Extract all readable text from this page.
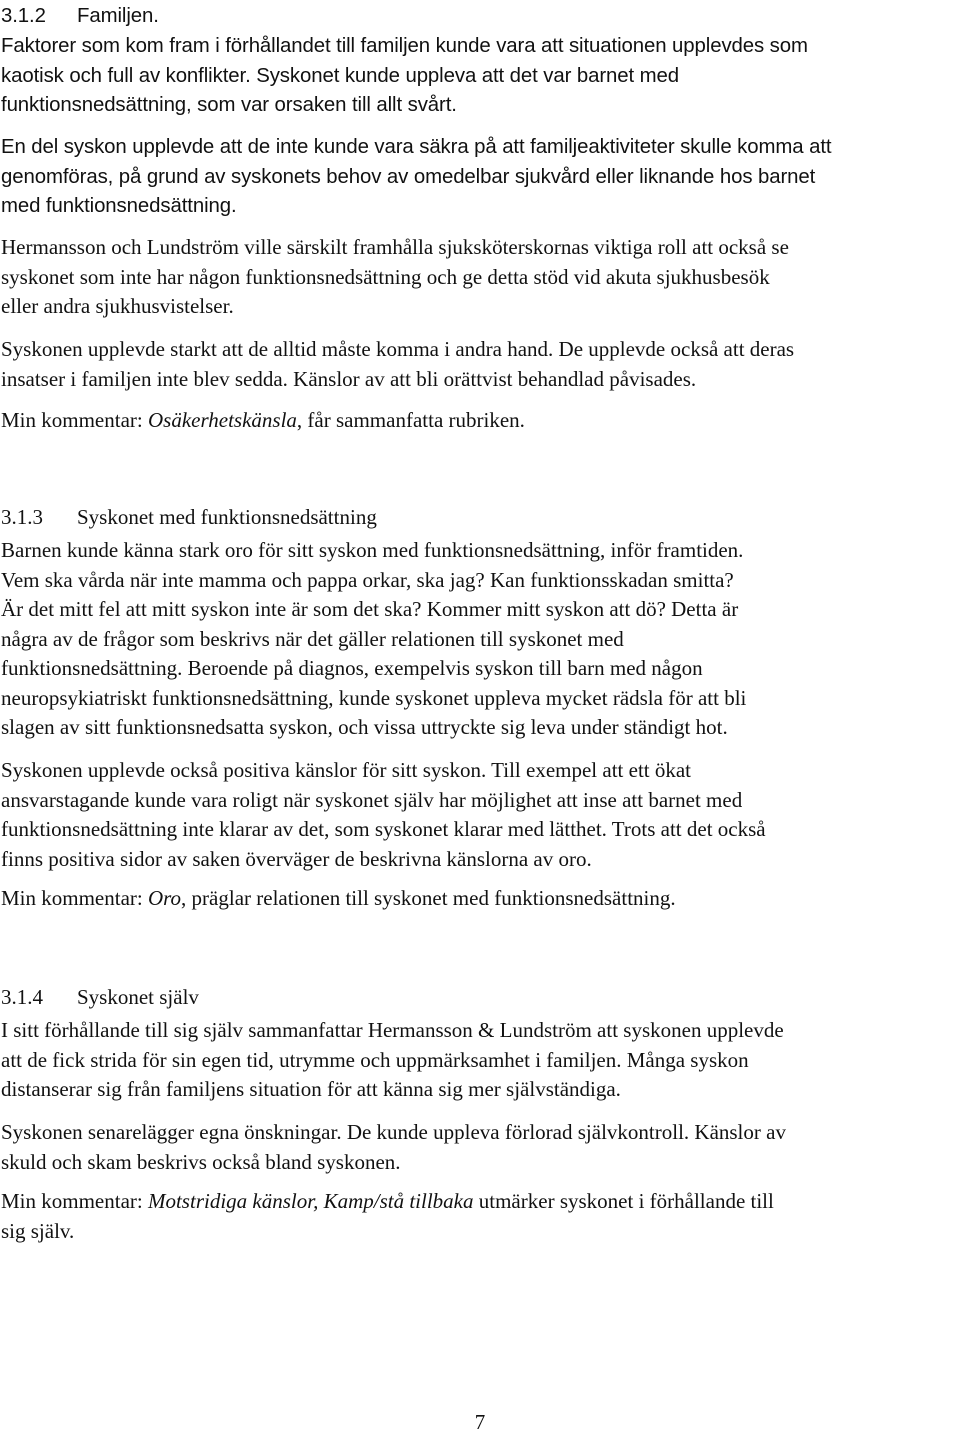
3.1.2 Familjen.
Faktorer som kom fram i förhållandet till familjen kunde vara att situationen upplevdes som
kaotisk och full av konflikter. Syskonet kunde uppleva att det var barnet med
funktionsnedsättning, som var orsaken till allt svårt.
En del syskon upplevde att de inte kunde vara säkra på att familjeaktiviteter skulle komma att
genomföras, på grund av syskonets behov av omedelbar sjukvård eller liknande hos barnet
med funktionsnedsättning.
Hermansson och Lundström ville särskilt framhålla sjuksköterskornas viktiga roll att också se
syskonet som inte har någon funktionsnedsättning och ge detta stöd vid akuta sjukhusbesök
eller andra sjukhusvistelser.
Syskonen upplevde starkt att de alltid måste komma i andra hand. De upplevde också att deras
insatser i familjen inte blev sedda. Känslor av att bli orättvist behandlad påvisades.
Min kommentar: Osäkerhetskänsla, får sammanfatta rubriken.
3.1.3 Syskonet med funktionsnedsättning
Barnen kunde känna stark oro för sitt syskon med funktionsnedsättning, inför framtiden.
Vem ska vårda när inte mamma och pappa orkar, ska jag? Kan funktionsskadan smitta?
Är det mitt fel att mitt syskon inte är som det ska? Kommer mitt syskon att dö? Detta är
några av de frågor som beskrivs när det gäller relationen till syskonet med
funktionsnedsättning. Beroende på diagnos, exempelvis syskon till barn med någon
neuropsykiatriskt funktionsnedsättning, kunde syskonet uppleva mycket rädsla för att bli
slagen av sitt funktionsnedsatta syskon, och vissa uttryckte sig leva under ständigt hot.
Syskonen upplevde också positiva känslor för sitt syskon. Till exempel att ett ökat
ansvarstagande kunde vara roligt när syskonet själv har möjlighet att inse att barnet med
funktionsnedsättning inte klarar av det, som syskonet klarar med lätthet. Trots att det också
finns positiva sidor av saken överväger de beskrivna känslorna av oro.
Min kommentar: Oro, präglar relationen till syskonet med funktionsnedsättning.
3.1.4 Syskonet själv
I sitt förhållande till sig själv sammanfattar Hermansson & Lundström att syskonen upplevde
att de fick strida för sin egen tid, utrymme och uppmärksamhet i familjen. Många syskon
distanserar sig från familjens situation för att känna sig mer självständiga.
Syskonen senarelägger egna önskningar. De kunde uppleva förlorad självkontroll. Känslor av
skuld och skam beskrivs också bland syskonen.
Min kommentar: Motstridiga känslor, Kamp/stå tillbaka utmärker syskonet i förhållande till
sig själv.
7
